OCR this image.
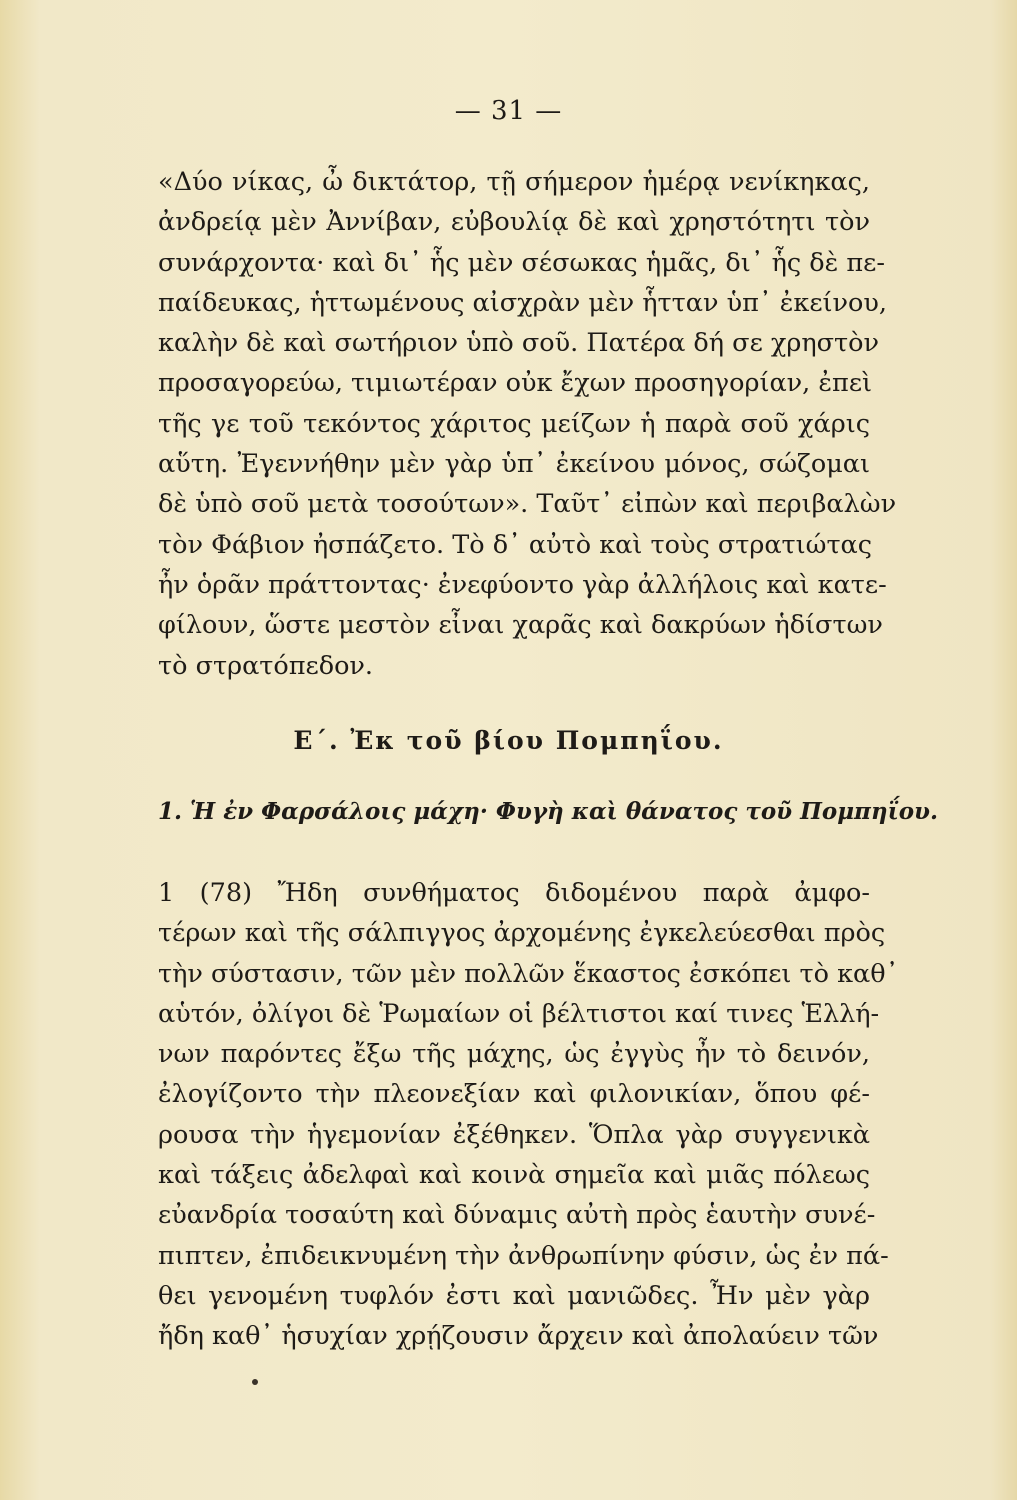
— 31 —
«Δύο νίκας, ὦ δικτάτορ, τῇ σήμερον ἡμέρᾳ νενίκηκας,
ἀνδρείᾳ μὲν Ἀννίβαν, εὐβουλίᾳ δὲ καὶ χρηστότητι τὸν
συνάρχοντα· καὶ δι᾽ ἧς μὲν σέσωκας ἡμᾶς, δι᾽ ἧς δὲ πε-
παίδευκας, ἡττωμένους αἰσχρὰν μὲν ἧτταν ὑπ᾽ ἐκείνου,
καλὴν δὲ καὶ σωτήριον ὑπὸ σοῦ. Πατέρα δή σε χρηστὸν
προσαγορεύω, τιμιωτέραν οὐκ ἔχων προσηγορίαν, ἐπεὶ
τῆς γε τοῦ τεκόντος χάριτος μείζων ἡ παρὰ σοῦ χάρις
αὕτη. Ἐγεννήθην μὲν γὰρ ὑπ᾽ ἐκείνου μόνος, σώζομαι
δὲ ὑπὸ σοῦ μετὰ τοσούτων». Ταῦτ᾽ εἰπὼν καὶ περιβαλὼν
τὸν Φάβιον ἠσπάζετο. Τὸ δ᾽ αὐτὸ καὶ τοὺς στρατιώτας
ἦν ὁρᾶν πράττοντας· ἐνεφύοντο γὰρ ἀλλήλοις καὶ κατε-
φίλουν, ὥστε μεστὸν εἶναι χαρᾶς καὶ δακρύων ἡδίστων
τὸ στρατόπεδον.
Ε΄. Ἐκ τοῦ βίου Πομπηΐου.
1. Ἡ ἐν Φαρσάλοις μάχη· Φυγὴ καὶ θάνατος τοῦ Πομπηΐου.
1 (78) Ἤδη συνθήματος διδομένου παρὰ ἀμφο-
τέρων καὶ τῆς σάλπιγγος ἀρχομένης ἐγκελεύεσθαι πρὸς
τὴν σύστασιν, τῶν μὲν πολλῶν ἕκαστος ἐσκόπει τὸ καθ᾽
αὑτόν, ὀλίγοι δὲ Ῥωμαίων οἱ βέλτιστοι καί τινες Ἑλλή-
νων παρόντες ἔξω τῆς μάχης, ὡς ἐγγὺς ἦν τὸ δεινόν,
ἐλογίζοντο τὴν πλεονεξίαν καὶ φιλονικίαν, ὅπου φέ-
ρουσα τὴν ἡγεμονίαν ἐξέθηκεν. Ὅπλα γὰρ συγγενικὰ
καὶ τάξεις ἀδελφαὶ καὶ κοινὰ σημεῖα καὶ μιᾶς πόλεως
εὐανδρία τοσαύτη καὶ δύναμις αὐτὴ πρὸς ἑαυτὴν συνέ-
πιπτεν, ἐπιδεικνυμένη τὴν ἀνθρωπίνην φύσιν, ὡς ἐν πά-
θει γενομένη τυφλόν ἐστι καὶ μανιῶδες. Ἦν μὲν γὰρ
ἤδη καθ᾽ ἡσυχίαν χρῄζουσιν ἄρχειν καὶ ἀπολαύειν τῶν
